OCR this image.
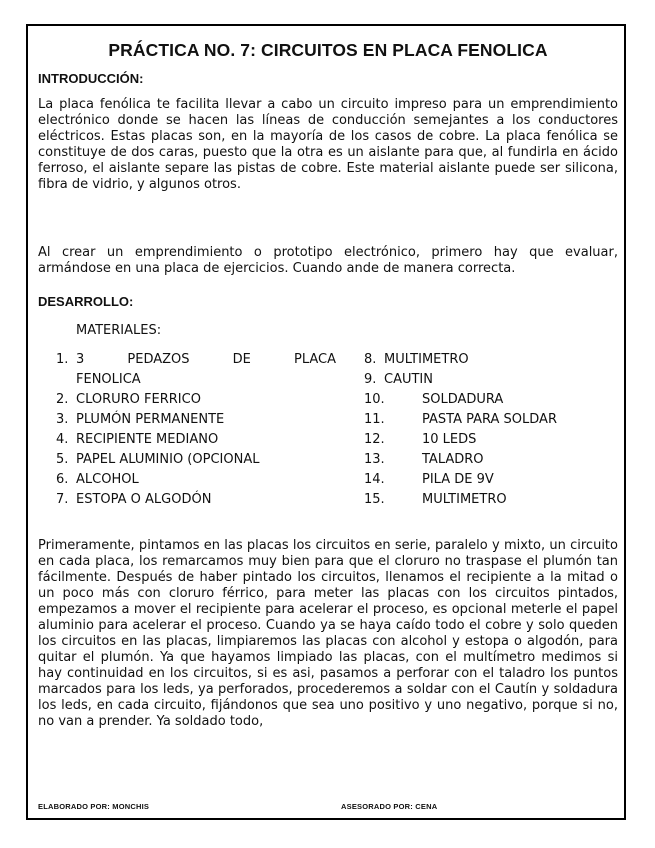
PRÁCTICA NO. 7: CIRCUITOS EN PLACA FENOLICA
INTRODUCCIÓN:

La placa fenólica te facilita llevar a cabo un circuito impreso para un emprendimiento electrónico donde se hacen las líneas de conducción semejantes a los conductores eléctricos. Estas placas son, en la mayoría de los casos de cobre. La placa fenólica se constituye de dos caras, puesto que la otra es un aislante para que, al fundirla en ácido ferroso, el aislante separe las pistas de cobre. Este material aislante puede ser silicona, fibra de vidrio, y algunos otros.

Al crear un emprendimiento o prototipo electrónico, primero hay que evaluar, armándose en una placa de ejercicios. Cuando ande de manera correcta.

DESARROLLO:
MATERIALES:
1. 3 PEDAZOS DE PLACA
FENOLICA
2. CLORURO FERRICO
3. PLUMÓN PERMANENTE
4. RECIPIENTE MEDIANO
5. PAPEL ALUMINIO (OPCIONAL
6. ALCOHOL
7. ESTOPA O ALGODÓN
8. MULTIMETRO
9. CAUTIN
10.	SOLDADURA
11.	PASTA PARA SOLDAR
12.	10 LEDS
13.	TALADRO
14.	PILA DE 9V
15.	MULTIMETRO

Primeramente, pintamos en las placas los circuitos en serie, paralelo y mixto, un circuito en cada placa, los remarcamos muy bien para que el cloruro no traspase el plumón tan fácilmente. Después de haber pintado los circuitos, llenamos el recipiente a la mitad o un poco más con cloruro férrico, para meter las placas con los circuitos pintados, empezamos a mover el recipiente para acelerar el proceso, es opcional meterle el papel aluminio para acelerar el proceso. Cuando ya se haya caído todo el cobre y solo queden los circuitos en las placas, limpiaremos las placas con alcohol y estopa o algodón, para quitar el plumón. Ya que hayamos limpiado las placas, con el multímetro medimos si hay continuidad en los circuitos, si es asi, pasamos a perforar con el taladro los puntos marcados para los leds, ya perforados, procederemos a soldar con el Cautín y soldadura los leds, en cada circuito, fijándonos que sea uno positivo y uno negativo, porque si no, no van a prender. Ya soldado todo,

ELABORADO POR: MONCHIS	ASESORADO POR: CENA
